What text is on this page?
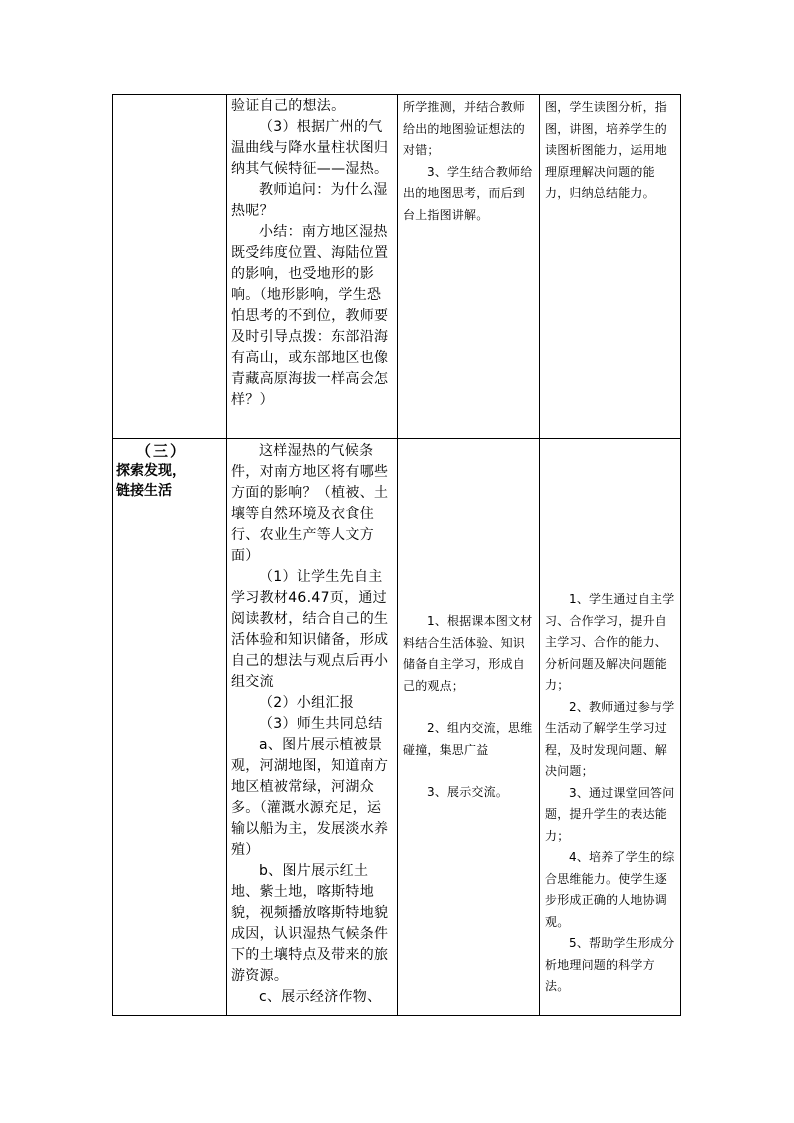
验证自己的想法。

（3）根据广州的气温曲线与降水量柱状图归纳其气候特征——湿热。

教师追问：为什么湿热呢？

小结：南方地区湿热既受纬度位置、海陆位置的影响，也受地形的影响。（地形影响，学生恐怕思考的不到位，教师要及时引导点拨：东部沿海有高山，或东部地区也像青藏高原海拔一样高会怎样？）

所学推测，并结合教师给出的地图验证想法的对错；

3、学生结合教师给出的地图思考，而后到台上指图讲解。

图，学生读图分析，指图，讲图，培养学生的读图析图能力，运用地理原理解决问题的能力，归纳总结能力。

（三）
探索发现，
链接生活

这样湿热的气候条件，对南方地区将有哪些方面的影响？（植被、土壤等自然环境及衣食住行、农业生产等人文方面）

（1）让学生先自主学习教材46.47页，通过阅读教材，结合自己的生活体验和知识储备，形成自己的想法与观点后再小组交流

（2）小组汇报

（3）师生共同总结

a、图片展示植被景观，河湖地图，知道南方地区植被常绿，河湖众多。（灌溉水源充足，运输以船为主，发展淡水养殖）

b、图片展示红土地、紫土地，喀斯特地貌，视频播放喀斯特地貌成因，认识湿热气候条件下的土壤特点及带来的旅游资源。

c、展示经济作物、

1、根据课本图文材料结合生活体验、知识储备自主学习，形成自己的观点；

2、组内交流，思维碰撞，集思广益

3、展示交流。

1、学生通过自主学习、合作学习，提升自主学习、合作的能力、分析问题及解决问题能力；

2、教师通过参与学生活动了解学生学习过程，及时发现问题、解决问题；

3、通过课堂回答问题，提升学生的表达能力；

4、培养了学生的综合思维能力。使学生逐步形成正确的人地协调观。

5、帮助学生形成分析地理问题的科学方法。
